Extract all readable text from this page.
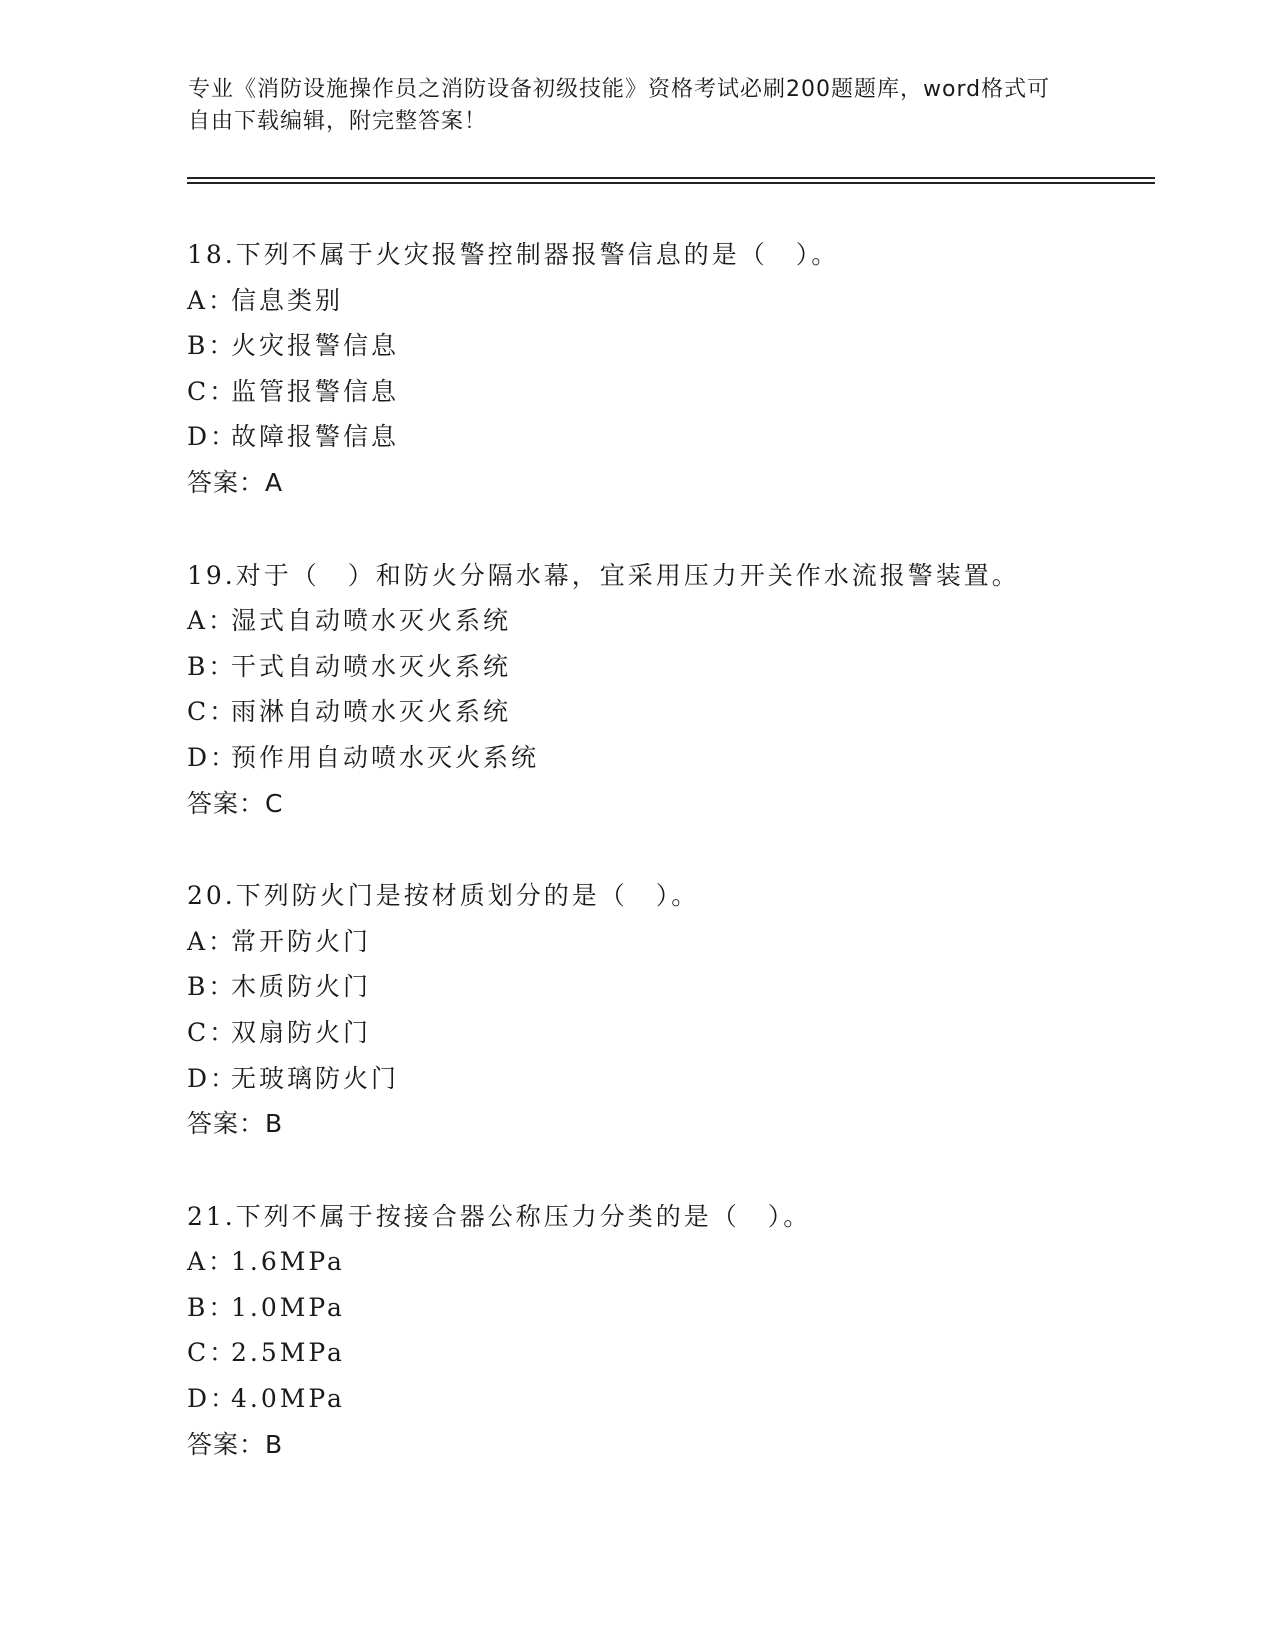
专业《消防设施操作员之消防设备初级技能》资格考试必刷200题题库，word格式可自由下载编辑，附完整答案！
18.下列不属于火灾报警控制器报警信息的是（　）。
A：信息类别
B：火灾报警信息
C：监管报警信息
D：故障报警信息
答案：A
19.对于（　）和防火分隔水幕，宜采用压力开关作水流报警装置。
A：湿式自动喷水灭火系统
B：干式自动喷水灭火系统
C：雨淋自动喷水灭火系统
D：预作用自动喷水灭火系统
答案：C
20.下列防火门是按材质划分的是（　）。
A：常开防火门
B：木质防火门
C：双扇防火门
D：无玻璃防火门
答案：B
21.下列不属于按接合器公称压力分类的是（　）。
A：1.6MPa
B：1.0MPa
C：2.5MPa
D：4.0MPa
答案：B
